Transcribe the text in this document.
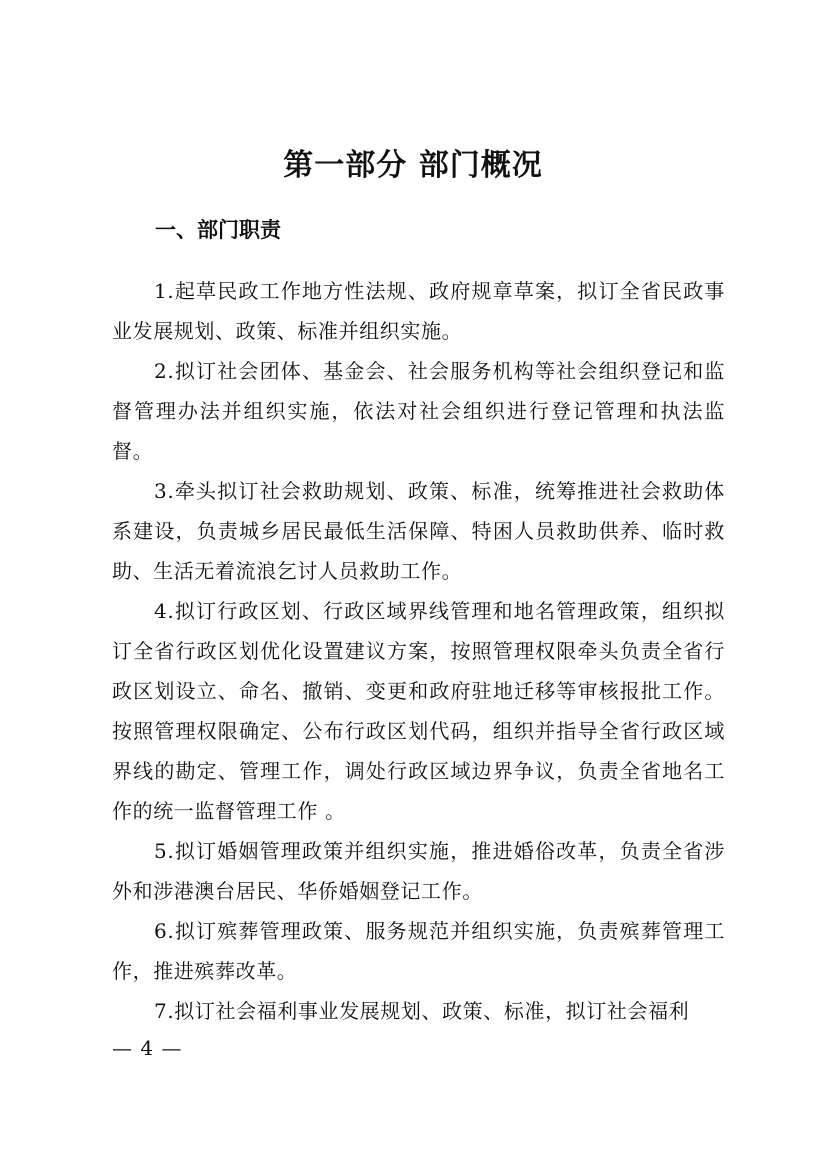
第一部分 部门概况
一、部门职责

1.起草民政工作地方性法规、政府规章草案，拟订全省民政事业发展规划、政策、标准并组织实施。

2.拟订社会团体、基金会、社会服务机构等社会组织登记和监督管理办法并组织实施，依法对社会组织进行登记管理和执法监督。

3.牵头拟订社会救助规划、政策、标准，统筹推进社会救助体系建设，负责城乡居民最低生活保障、特困人员救助供养、临时救助、生活无着流浪乞讨人员救助工作。

4.拟订行政区划、行政区域界线管理和地名管理政策，组织拟订全省行政区划优化设置建议方案，按照管理权限牵头负责全省行政区划设立、命名、撤销、变更和政府驻地迁移等审核报批工作。按照管理权限确定、公布行政区划代码，组织并指导全省行政区域界线的勘定、管理工作，调处行政区域边界争议，负责全省地名工作的统一监督管理工作 。

5.拟订婚姻管理政策并组织实施，推进婚俗改革，负责全省涉外和涉港澳台居民、华侨婚姻登记工作。

6.拟订殡葬管理政策、服务规范并组织实施，负责殡葬管理工作，推进殡葬改革。

7.拟订社会福利事业发展规划、政策、标准，拟订社会福利

— 4 —
